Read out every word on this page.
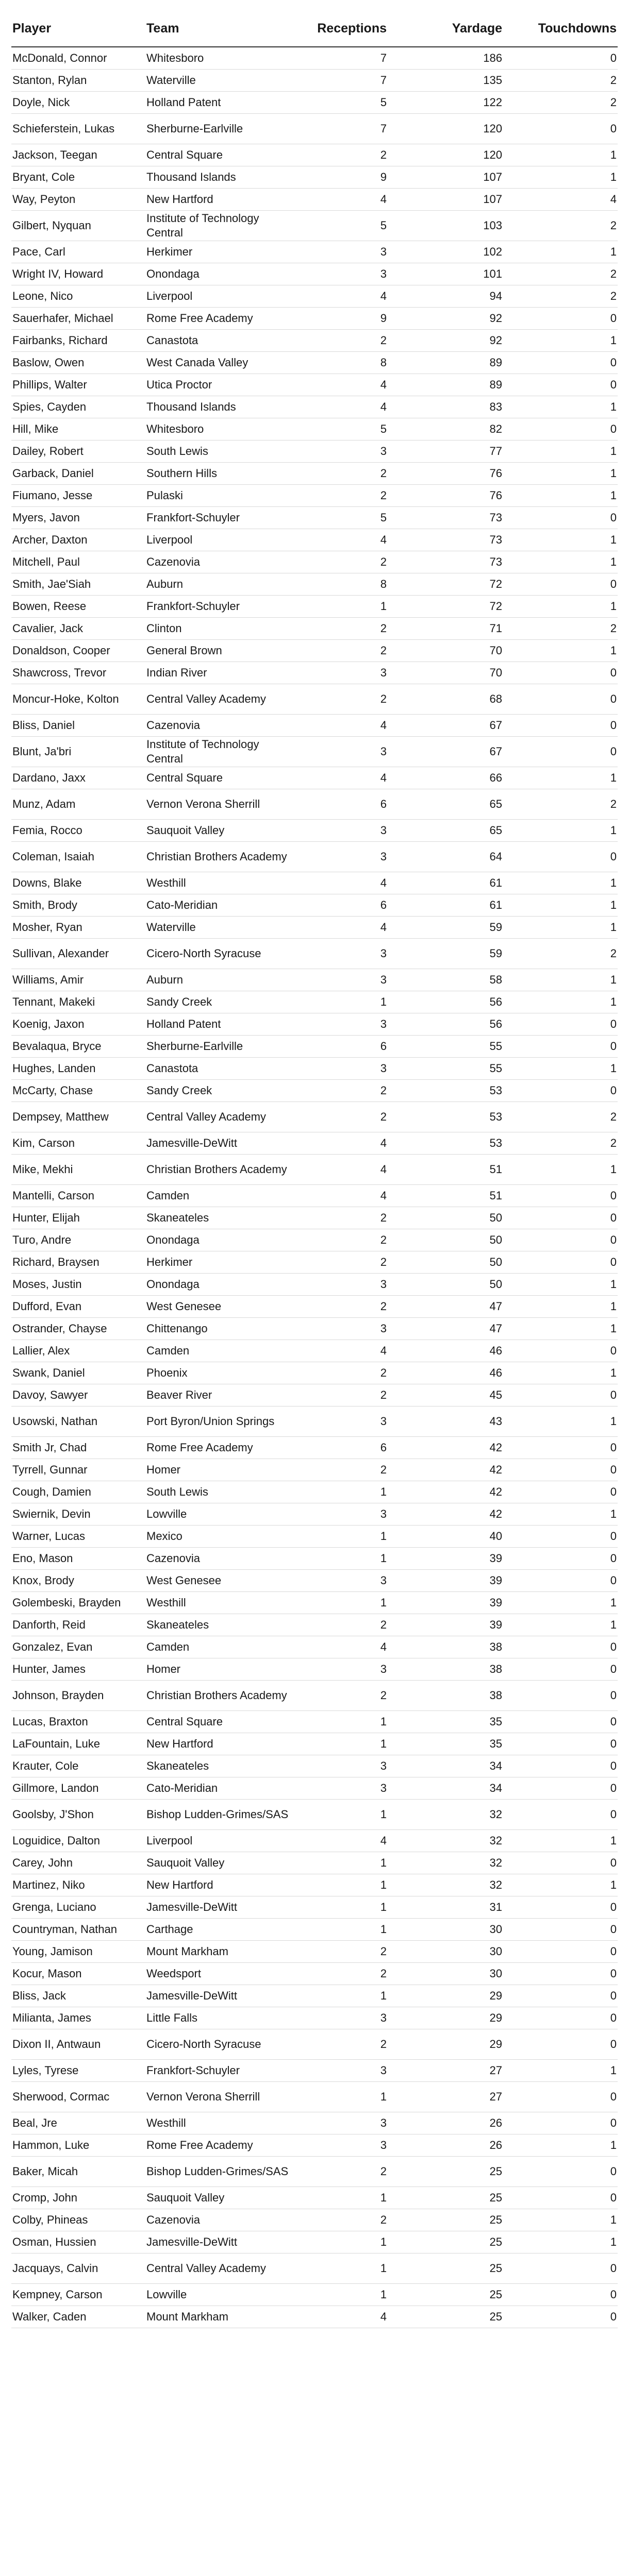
Player	Team	Receptions	Yardage	Touchdowns
McDonald, Connor	Whitesboro	7	186	0
Stanton, Rylan	Waterville	7	135	2
Doyle, Nick	Holland Patent	5	122	2
Schieferstein, Lukas	Sherburne-Earlville	7	120	0
Jackson, Teegan	Central Square	2	120	1
Bryant, Cole	Thousand Islands	9	107	1
Way, Peyton	New Hartford	4	107	4
Gilbert, Nyquan	Institute of Technology Central	5	103	2
Pace, Carl	Herkimer	3	102	1
Wright IV, Howard	Onondaga	3	101	2
Leone, Nico	Liverpool	4	94	2
Sauerhafer, Michael	Rome Free Academy	9	92	0
Fairbanks, Richard	Canastota	2	92	1
Baslow, Owen	West Canada Valley	8	89	0
Phillips, Walter	Utica Proctor	4	89	0
Spies, Cayden	Thousand Islands	4	83	1
Hill, Mike	Whitesboro	5	82	0
Dailey, Robert	South Lewis	3	77	1
Garback, Daniel	Southern Hills	2	76	1
Fiumano, Jesse	Pulaski	2	76	1
Myers, Javon	Frankfort-Schuyler	5	73	0
Archer, Daxton	Liverpool	4	73	1
Mitchell, Paul	Cazenovia	2	73	1
Smith, Jae'Siah	Auburn	8	72	0
Bowen, Reese	Frankfort-Schuyler	1	72	1
Cavalier, Jack	Clinton	2	71	2
Donaldson, Cooper	General Brown	2	70	1
Shawcross, Trevor	Indian River	3	70	0
Moncur-Hoke, Kolton	Central Valley Academy	2	68	0
Bliss, Daniel	Cazenovia	4	67	0
Blunt, Ja'bri	Institute of Technology Central	3	67	0
Dardano, Jaxx	Central Square	4	66	1
Munz, Adam	Vernon Verona Sherrill	6	65	2
Femia, Rocco	Sauquoit Valley	3	65	1
Coleman, Isaiah	Christian Brothers Academy	3	64	0
Downs, Blake	Westhill	4	61	1
Smith, Brody	Cato-Meridian	6	61	1
Mosher, Ryan	Waterville	4	59	1
Sullivan, Alexander	Cicero-North Syracuse	3	59	2
Williams, Amir	Auburn	3	58	1
Tennant, Makeki	Sandy Creek	1	56	1
Koenig, Jaxon	Holland Patent	3	56	0
Bevalaqua, Bryce	Sherburne-Earlville	6	55	0
Hughes, Landen	Canastota	3	55	1
McCarty, Chase	Sandy Creek	2	53	0
Dempsey, Matthew	Central Valley Academy	2	53	2
Kim, Carson	Jamesville-DeWitt	4	53	2
Mike, Mekhi	Christian Brothers Academy	4	51	1
Mantelli, Carson	Camden	4	51	0
Hunter, Elijah	Skaneateles	2	50	0
Turo, Andre	Onondaga	2	50	0
Richard, Braysen	Herkimer	2	50	0
Moses, Justin	Onondaga	3	50	1
Dufford, Evan	West Genesee	2	47	1
Ostrander, Chayse	Chittenango	3	47	1
Lallier, Alex	Camden	4	46	0
Swank, Daniel	Phoenix	2	46	1
Davoy, Sawyer	Beaver River	2	45	0
Usowski, Nathan	Port Byron/Union Springs	3	43	1
Smith Jr, Chad	Rome Free Academy	6	42	0
Tyrrell, Gunnar	Homer	2	42	0
Cough, Damien	South Lewis	1	42	0
Swiernik, Devin	Lowville	3	42	1
Warner, Lucas	Mexico	1	40	0
Eno, Mason	Cazenovia	1	39	0
Knox, Brody	West Genesee	3	39	0
Golembeski, Brayden	Westhill	1	39	1
Danforth, Reid	Skaneateles	2	39	1
Gonzalez, Evan	Camden	4	38	0
Hunter, James	Homer	3	38	0
Johnson, Brayden	Christian Brothers Academy	2	38	0
Lucas, Braxton	Central Square	1	35	0
LaFountain, Luke	New Hartford	1	35	0
Krauter, Cole	Skaneateles	3	34	0
Gillmore, Landon	Cato-Meridian	3	34	0
Goolsby, J'Shon	Bishop Ludden-Grimes/SAS	1	32	0
Loguidice, Dalton	Liverpool	4	32	1
Carey, John	Sauquoit Valley	1	32	0
Martinez, Niko	New Hartford	1	32	1
Grenga, Luciano	Jamesville-DeWitt	1	31	0
Countryman, Nathan	Carthage	1	30	0
Young, Jamison	Mount Markham	2	30	0
Kocur, Mason	Weedsport	2	30	0
Bliss, Jack	Jamesville-DeWitt	1	29	0
Milianta, James	Little Falls	3	29	0
Dixon II, Antwaun	Cicero-North Syracuse	2	29	0
Lyles, Tyrese	Frankfort-Schuyler	3	27	1
Sherwood, Cormac	Vernon Verona Sherrill	1	27	0
Beal, Jre	Westhill	3	26	0
Hammon, Luke	Rome Free Academy	3	26	1
Baker, Micah	Bishop Ludden-Grimes/SAS	2	25	0
Cromp, John	Sauquoit Valley	1	25	0
Colby, Phineas	Cazenovia	2	25	1
Osman, Hussien	Jamesville-DeWitt	1	25	1
Jacquays, Calvin	Central Valley Academy	1	25	0
Kempney, Carson	Lowville	1	25	0
Walker, Caden	Mount Markham	4	25	0
